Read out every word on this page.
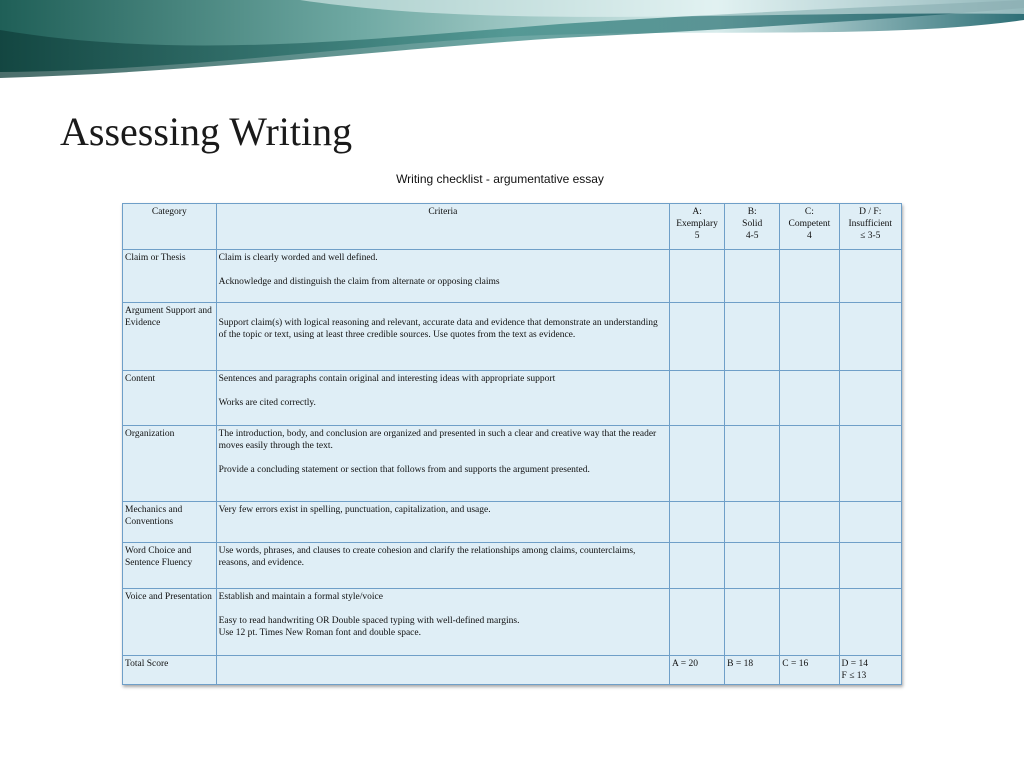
Assessing Writing
Writing checklist - argumentative essay
Category	Criteria	A:
Exemplary
5	B:
Solid
4-5	C:
Competent
4	D / F:
Insufficient
≤ 3-5

Claim or Thesis	Claim is clearly worded and well defined.
Acknowledge and distinguish the claim from alternate or opposing claims				
Argument Support and Evidence	Support claim(s) with logical reasoning and relevant, accurate data and evidence that demonstrate an understanding of the topic or text, using at least three credible sources. Use quotes from the text as evidence.				
Content	Sentences and paragraphs contain original and interesting ideas with appropriate support
Works are cited correctly.				
Organization	The introduction, body, and conclusion are organized and presented in such a clear and creative way that the reader moves easily through the text.
Provide a concluding statement or section that follows from and supports the argument presented.				
Mechanics and Conventions	Very few errors exist in spelling, punctuation, capitalization, and usage.				
Word Choice and Sentence Fluency	Use words, phrases, and clauses to create cohesion and clarify the relationships among claims, counterclaims, reasons, and evidence.				
Voice and Presentation	Establish and maintain a formal style/voice
Easy to read handwriting OR Double spaced typing with well-defined margins.
Use 12 pt. Times New Roman font and double space.				

Total Score		A = 20	B = 18	C = 16	D = 14
F ≤ 13
